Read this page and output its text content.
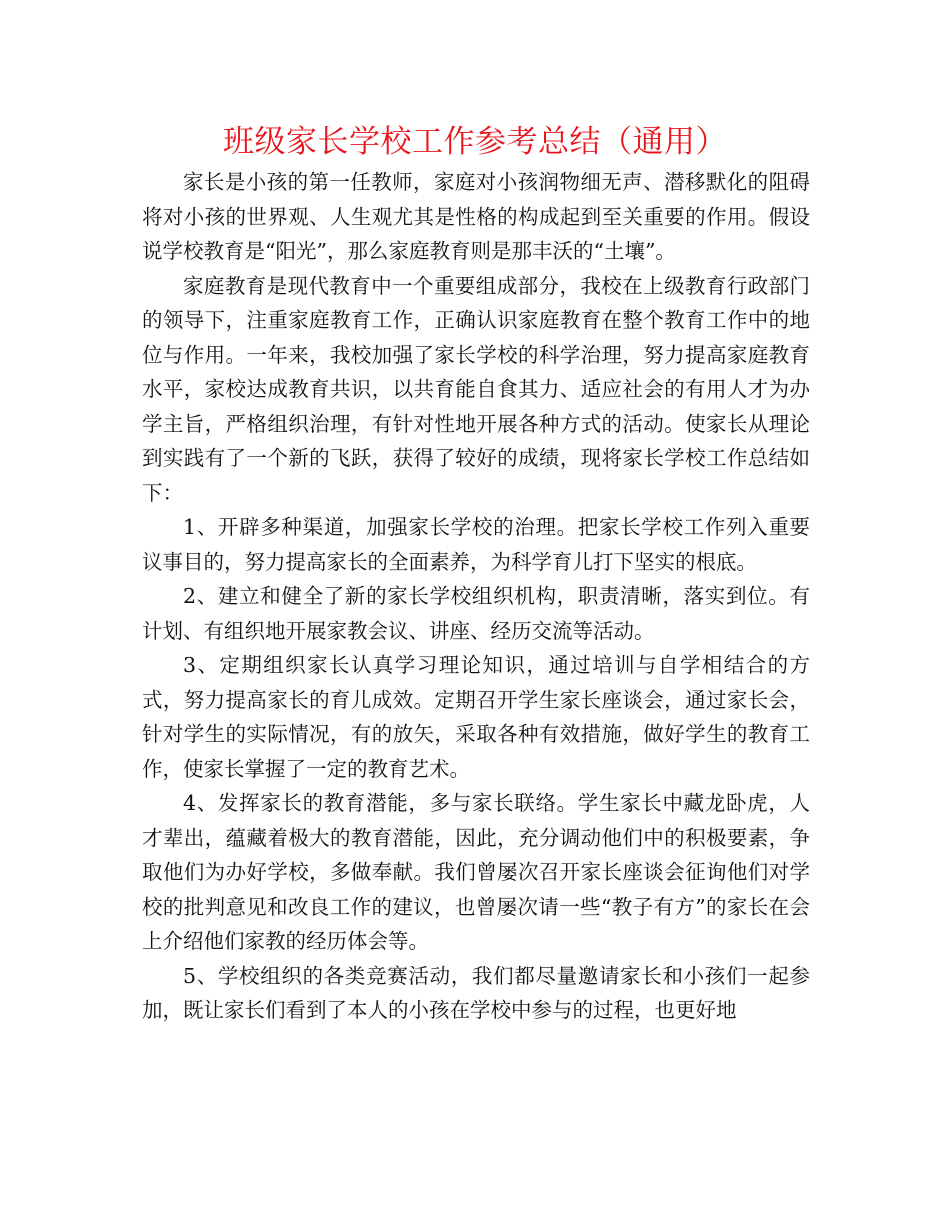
班级家长学校工作参考总结（通用）

家长是小孩的第一任教师，家庭对小孩润物细无声、潜移默化的阻碍将对小孩的世界观、人生观尤其是性格的构成起到至关重要的作用。假设说学校教育是“阳光”，那么家庭教育则是那丰沃的“土壤”。

家庭教育是现代教育中一个重要组成部分，我校在上级教育行政部门的领导下，注重家庭教育工作，正确认识家庭教育在整个教育工作中的地位与作用。一年来，我校加强了家长学校的科学治理，努力提高家庭教育水平，家校达成教育共识，以共育能自食其力、适应社会的有用人才为办学主旨，严格组织治理，有针对性地开展各种方式的活动。使家长从理论到实践有了一个新的飞跃，获得了较好的成绩，现将家长学校工作总结如下：

1、开辟多种渠道，加强家长学校的治理。把家长学校工作列入重要议事目的，努力提高家长的全面素养，为科学育儿打下坚实的根底。

2、建立和健全了新的家长学校组织机构，职责清晰，落实到位。有计划、有组织地开展家教会议、讲座、经历交流等活动。

3、定期组织家长认真学习理论知识，通过培训与自学相结合的方式，努力提高家长的育儿成效。定期召开学生家长座谈会，通过家长会，针对学生的实际情况，有的放矢，采取各种有效措施，做好学生的教育工作，使家长掌握了一定的教育艺术。

4、发挥家长的教育潜能，多与家长联络。学生家长中藏龙卧虎，人才辈出，蕴藏着极大的教育潜能，因此，充分调动他们中的积极要素，争取他们为办好学校，多做奉献。我们曾屡次召开家长座谈会征询他们对学校的批判意见和改良工作的建议，也曾屡次请一些“教子有方”的家长在会上介绍他们家教的经历体会等。

5、学校组织的各类竞赛活动，我们都尽量邀请家长和小孩们一起参加，既让家长们看到了本人的小孩在学校中参与的过程，也更好地
